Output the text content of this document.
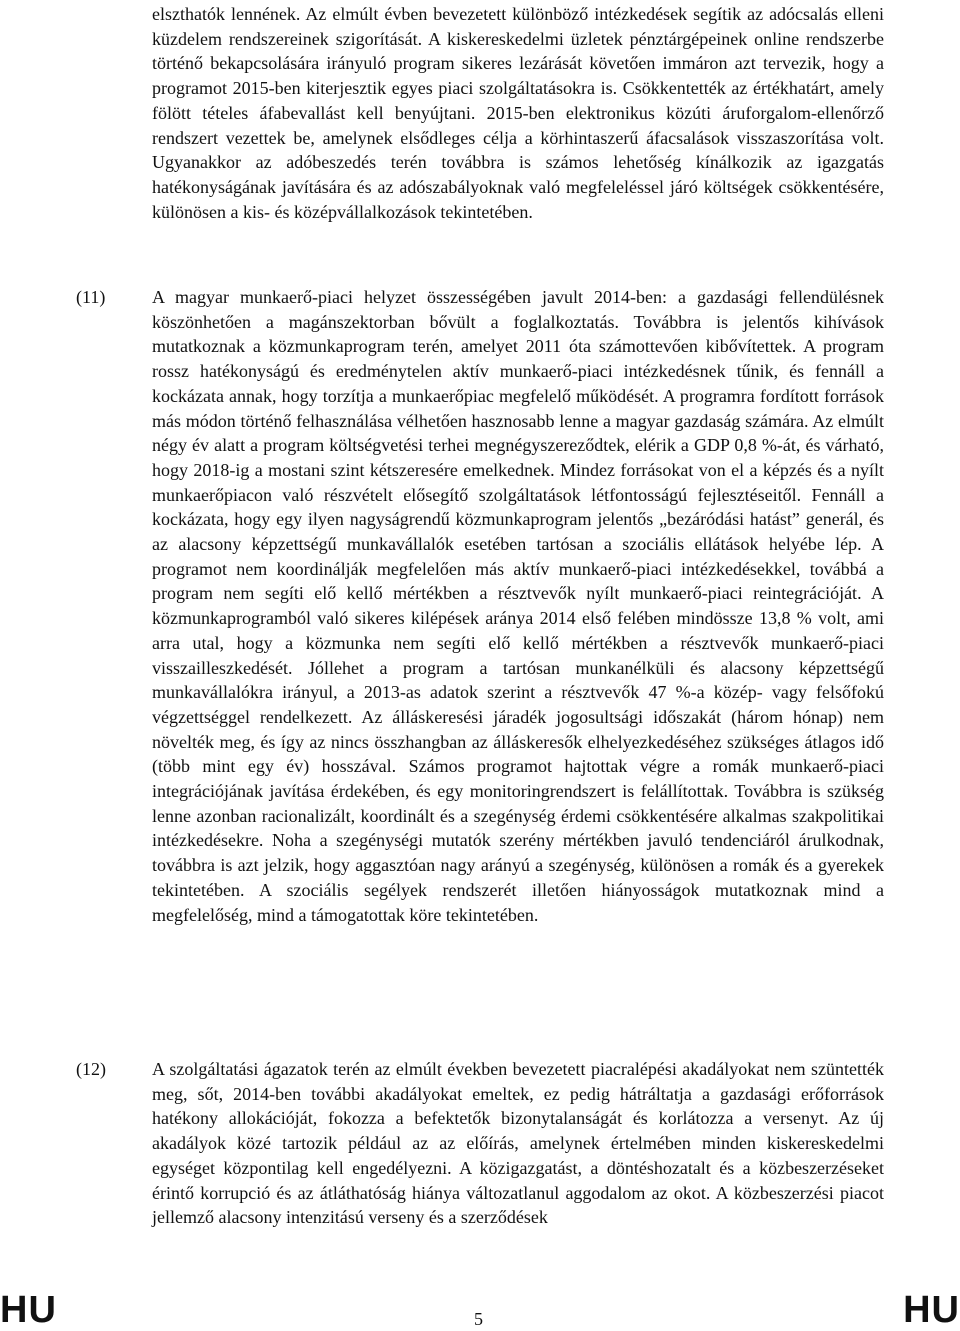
elszthatók lennének. Az elmúlt évben bevezetett különböző intézkedések segítik az adócsalás elleni küzdelem rendszereinek szigorítását. A kiskereskedelmi üzletek pénztárgépeinek online rendszerbe történő bekapcsolására irányuló program sikeres lezárását követően immáron azt tervezik, hogy a programot 2015-ben kiterjesztik egyes piaci szolgáltatásokra is. Csökkentették az értékhatárt, amely fölött tételes áfabevallást kell benyújtani. 2015-ben elektronikus közúti áruforgalom-ellenőrző rendszert vezettek be, amelynek elsődleges célja a körhintaszerű áfacsalások visszaszorítása volt. Ugyanakkor az adóbeszedés terén továbbra is számos lehetőség kínálkozik az igazgatás hatékonyságának javítására és az adószabályoknak való megfeleléssel járó költségek csökkentésére, különösen a kis- és középvállalkozások tekintetében.
(11)	A magyar munkaerő-piaci helyzet összességében javult 2014-ben: a gazdasági fellendülésnek köszönhetően a magánszektorban bővült a foglalkoztatás. Továbbra is jelentős kihívások mutatkoznak a közmunkaprogram terén, amelyet 2011 óta számottevően kibővítettek. A program rossz hatékonyságú és eredménytelen aktív munkaerő-piaci intézkedésnek tűnik, és fennáll a kockázata annak, hogy torzítja a munkaerőpiac megfelelő működését. A programra fordított források más módon történő felhasználása vélhetően hasznosabb lenne a magyar gazdaság számára. Az elmúlt négy év alatt a program költségvetési terhei megnégyszereződtek, elérik a GDP 0,8 %-át, és várható, hogy 2018-ig a mostani szint kétszeresére emelkednek. Mindez forrásokat von el a képzés és a nyílt munkaerőpiacon való részvételt elősegítő szolgáltatások létfontosságú fejlesztéseitől. Fennáll a kockázata, hogy egy ilyen nagyságrendű közmunkaprogram jelentős „bezáródási hatást” generál, és az alacsony képzettségű munkavállalók esetében tartósan a szociális ellátások helyébe lép. A programot nem koordinálják megfelelően más aktív munkaerő-piaci intézkedésekkel, továbbá a program nem segíti elő kellő mértékben a résztvevők nyílt munkaerő-piaci reintegrációját. A közmunkaprogramból való sikeres kilépések aránya 2014 első felében mindössze 13,8 % volt, ami arra utal, hogy a közmunka nem segíti elő kellő mértékben a résztvevők munkaerő-piaci visszailleszkedését. Jóllehet a program a tartósan munkanélküli és alacsony képzettségű munkavállalókra irányul, a 2013-as adatok szerint a résztvevők 47 %-a közép- vagy felsőfokú végzettséggel rendelkezett. Az álláskeresési járadék jogosultsági időszakát (három hónap) nem növelték meg, és így az nincs összhangban az álláskeresők elhelyezkedéséhez szükséges átlagos idő (több mint egy év) hosszával. Számos programot hajtottak végre a romák munkaerő-piaci integrációjának javítása érdekében, és egy monitoringrendszert is felállítottak. Továbbra is szükség lenne azonban racionalizált, koordinált és a szegénység érdemi csökkentésére alkalmas szakpolitikai intézkedésekre. Noha a szegénységi mutatók szerény mértékben javuló tendenciáról árulkodnak, továbbra is azt jelzik, hogy aggasztóan nagy arányú a szegénység, különösen a romák és a gyerekek tekintetében. A szociális segélyek rendszerét illetően hiányosságok mutatkoznak mind a megfelelőség, mind a támogatottak köre tekintetében.
(12)	A szolgáltatási ágazatok terén az elmúlt években bevezetett piacralépési akadályokat nem szüntették meg, sőt, 2014-ben további akadályokat emeltek, ez pedig hátráltatja a gazdasági erőforrások hatékony allokációját, fokozza a befektetők bizonytalanságát és korlátozza a versenyt. Az új akadályok közé tartozik például az az előírás, amelynek értelmében minden kiskereskedelmi egységet központilag kell engedélyezni. A közigazgatást, a döntéshozatalt és a közbeszerzéseket érintő korrupció és az átláthatóság hiánya változatlanul aggodalom az okot. A közbeszerzési piacot jellemző alacsony intenzitású verseny és a szerződések
HU	5	HU
